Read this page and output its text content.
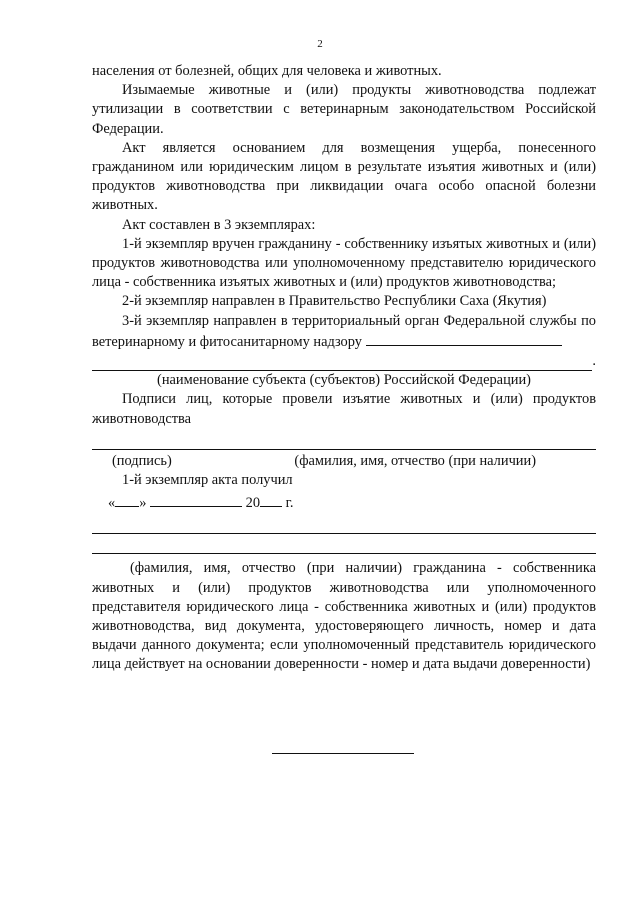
2

населения от болезней, общих для человека и животных.

Изымаемые животные и (или) продукты животноводства подлежат утилизации в соответствии с ветеринарным законодательством Российской Федерации.

Акт является основанием для возмещения ущерба, понесенного гражданином или юридическим лицом в результате изъятия животных и (или) продуктов животноводства при ликвидации очага особо опасной болезни животных.

Акт составлен в 3 экземплярах:

1-й экземпляр вручен гражданину - собственнику изъятых животных и (или) продуктов животноводства или уполномоченному представителю юридического лица - собственника изъятых животных и (или) продуктов животноводства;

2-й экземпляр направлен в Правительство Республики Саха (Якутия)

3-й экземпляр направлен в территориальный орган Федеральной службы по ветеринарному и фитосанитарному надзору

.

(наименование субъекта (субъектов) Российской Федерации)

Подписи лиц, которые провели изъятие животных и (или) продуктов животноводства

(подпись)	(фамилия, имя, отчество (при наличии)

1-й экземпляр акта получил

« »	20 г.

(фамилия, имя, отчество (при наличии) гражданина - собственника животных и (или) продуктов животноводства или уполномоченного представителя юридического лица - собственника животных и (или) продуктов животноводства, вид документа, удостоверяющего личность, номер и дата выдачи данного документа; если уполномоченный представитель юридического лица действует на основании доверенности - номер и дата выдачи доверенности)
